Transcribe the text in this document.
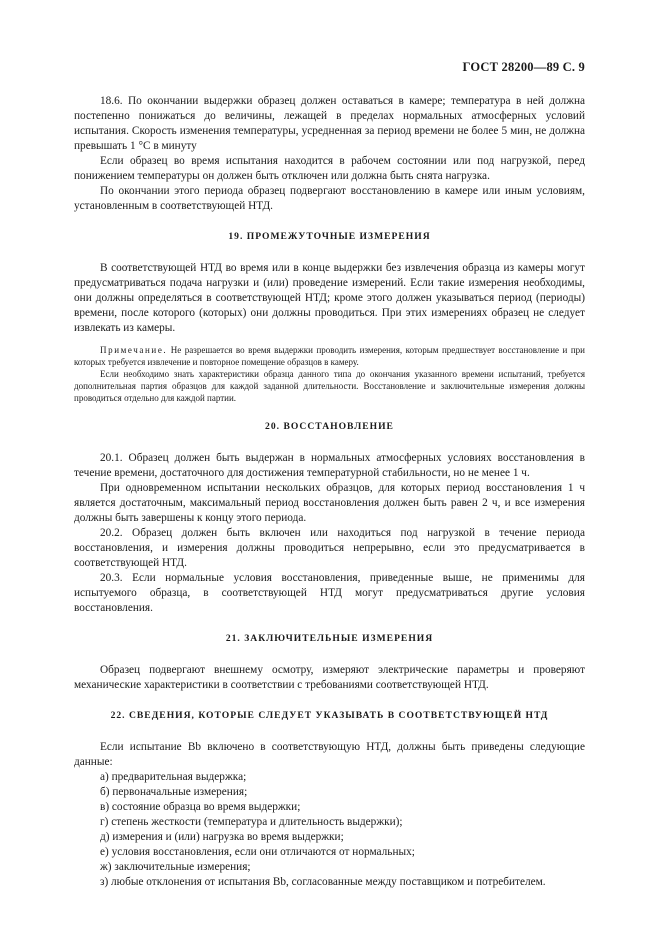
ГОСТ 28200—89 С. 9

18.6. По окончании выдержки образец должен оставаться в камере; температура в ней должна постепенно понижаться до величины, лежащей в пределах нормальных атмосферных условий испытания. Скорость изменения температуры, усредненная за период времени не более 5 мин, не должна превышать 1 °С в минуту

Если образец во время испытания находится в рабочем состоянии или под нагрузкой, перед понижением температуры он должен быть отключен или должна быть снята нагрузка.

По окончании этого периода образец подвергают восстановлению в камере или иным условиям, установленным в соответствующей НТД.

19. ПРОМЕЖУТОЧНЫЕ ИЗМЕРЕНИЯ

В соответствующей НТД во время или в конце выдержки без извлечения образца из камеры могут предусматриваться подача нагрузки и (или) проведение измерений. Если такие измерения необходимы, они должны определяться в соответствующей НТД; кроме этого должен указываться период (периоды) времени, после которого (которых) они должны проводиться. При этих измерениях образец не следует извлекать из камеры.

Примечание. Не разрешается во время выдержки проводить измерения, которым предшествует восстановление и при которых требуется извлечение и повторное помещение образцов в камеру.

Если необходимо знать характеристики образца данного типа до окончания указанного времени испытаний, требуется дополнительная партия образцов для каждой заданной длительности. Восстановление и заключительные измерения должны проводиться отдельно для каждой партии.

20. ВОССТАНОВЛЕНИЕ

20.1. Образец должен быть выдержан в нормальных атмосферных условиях восстановления в течение времени, достаточного для достижения температурной стабильности, но не менее 1 ч.

При одновременном испытании нескольких образцов, для которых период восстановления 1 ч является достаточным, максимальный период восстановления должен быть равен 2 ч, и все измерения должны быть завершены к концу этого периода.

20.2. Образец должен быть включен или находиться под нагрузкой в течение периода восстановления, и измерения должны проводиться непрерывно, если это предусматривается в соответствующей НТД.

20.3. Если нормальные условия восстановления, приведенные выше, не применимы для испытуемого образца, в соответствующей НТД могут предусматриваться другие условия восстановления.

21. ЗАКЛЮЧИТЕЛЬНЫЕ ИЗМЕРЕНИЯ

Образец подвергают внешнему осмотру, измеряют электрические параметры и проверяют механические характеристики в соответствии с требованиями соответствующей НТД.

22. СВЕДЕНИЯ, КОТОРЫЕ СЛЕДУЕТ УКАЗЫВАТЬ В СООТВЕТСТВУЮЩЕЙ НТД

Если испытание Bb включено в соответствующую НТД, должны быть приведены следующие данные:

а) предварительная выдержка;
б) первоначальные измерения;
в) состояние образца во время выдержки;
г) степень жесткости (температура и длительность выдержки);
д) измерения и (или) нагрузка во время выдержки;
е) условия восстановления, если они отличаются от нормальных;
ж) заключительные измерения;
з) любые отклонения от испытания Bb, согласованные между поставщиком и потребителем.
